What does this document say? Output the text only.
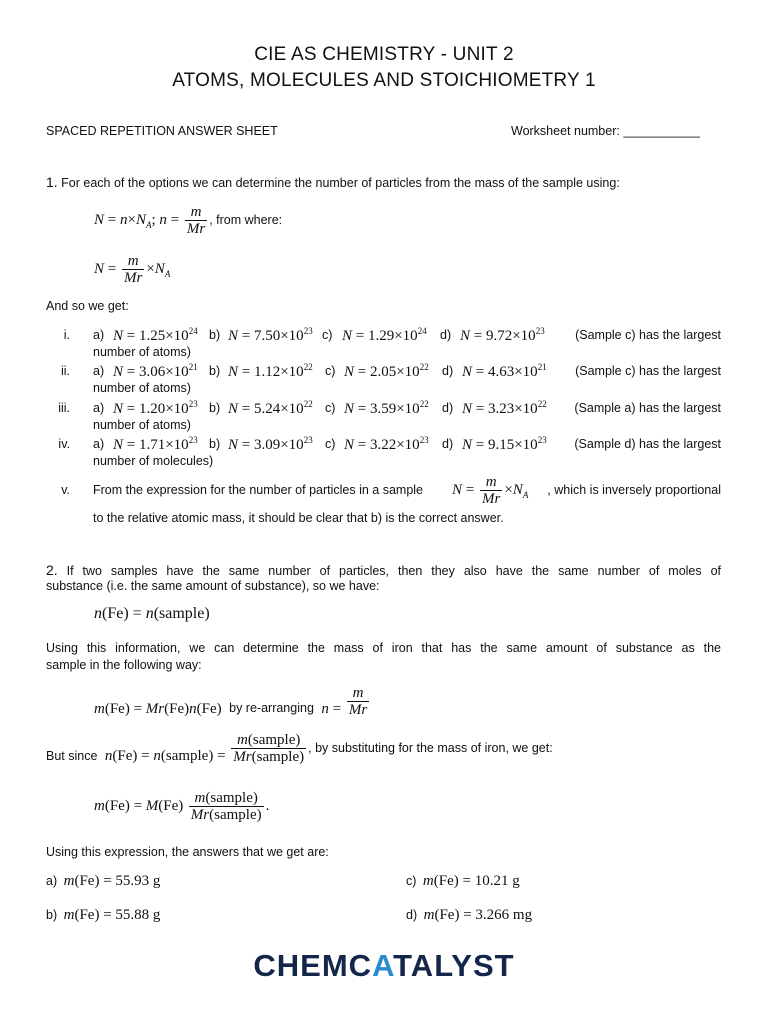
CIE AS CHEMISTRY - UNIT 2
ATOMS, MOLECULES AND STOICHIOMETRY 1
SPACED REPETITION ANSWER SHEET	Worksheet number: ___________
1. For each of the options we can determine the number of particles from the mass of the sample using:
$N = n\times N_A$; $n = \frac{m}{Mr}$ , from where:
$N = \frac{m}{Mr} \times N_A$
And so we get:
i. a) $N = 1.25\times 10^{24}$ b) $N = 7.50\times 10^{23}$ c) $N = 1.29\times 10^{24}$ d) $N = 9.72\times 10^{23}$ (Sample c) has the largest
number of atoms)
ii. a) $N = 3.06\times 10^{21}$ b) $N = 1.12\times 10^{22}$ c) $N = 2.05\times 10^{22}$ d) $N = 4.63\times 10^{21}$ (Sample c) has the largest
number of atoms)
iii. a) $N = 1.20\times 10^{23}$ b) $N = 5.24\times 10^{22}$ c) $N = 3.59\times 10^{22}$ d) $N = 3.23\times 10^{22}$ (Sample a) has the largest
number of atoms)
iv. a) $N = 1.71\times 10^{23}$ b) $N = 3.09\times 10^{23}$ c) $N = 3.22\times 10^{23}$ d) $N = 9.15\times 10^{23}$ (Sample d) has the largest
number of molecules)
v. From the expression for the number of particles in a sample $N = \frac{m}{Mr} \times N_A$ , which is inversely proportional
to the relative atomic mass, it should be clear that b) is the correct answer.
2. If two samples have the same number of particles, then they also have the same number of moles of
substance (i.e. the same amount of substance), so we have:
n(Fe) = n(sample)
Using this information, we can determine the mass of iron that has the same amount of substance as the
sample in the following way:
m(Fe) = Mr(Fe)n(Fe) by re-arranging $n = \frac{m}{Mr}$
But since n(Fe) = n(sample) = $\frac{\text{m(sample)}}{\text{Mr(sample)}}$ , by substituting for the mass of iron, we get:
$m(Fe) = M(Fe) \frac{\text{m(sample)}}{\text{Mr(sample)}}$ .
Using this expression, the answers that we get are:
a) m(Fe) = 55.93 g
b) m(Fe) = 55.88 g
c) m(Fe) = 10.21 g
d) m(Fe) = 3.266 mg
CHEMCATALYST
